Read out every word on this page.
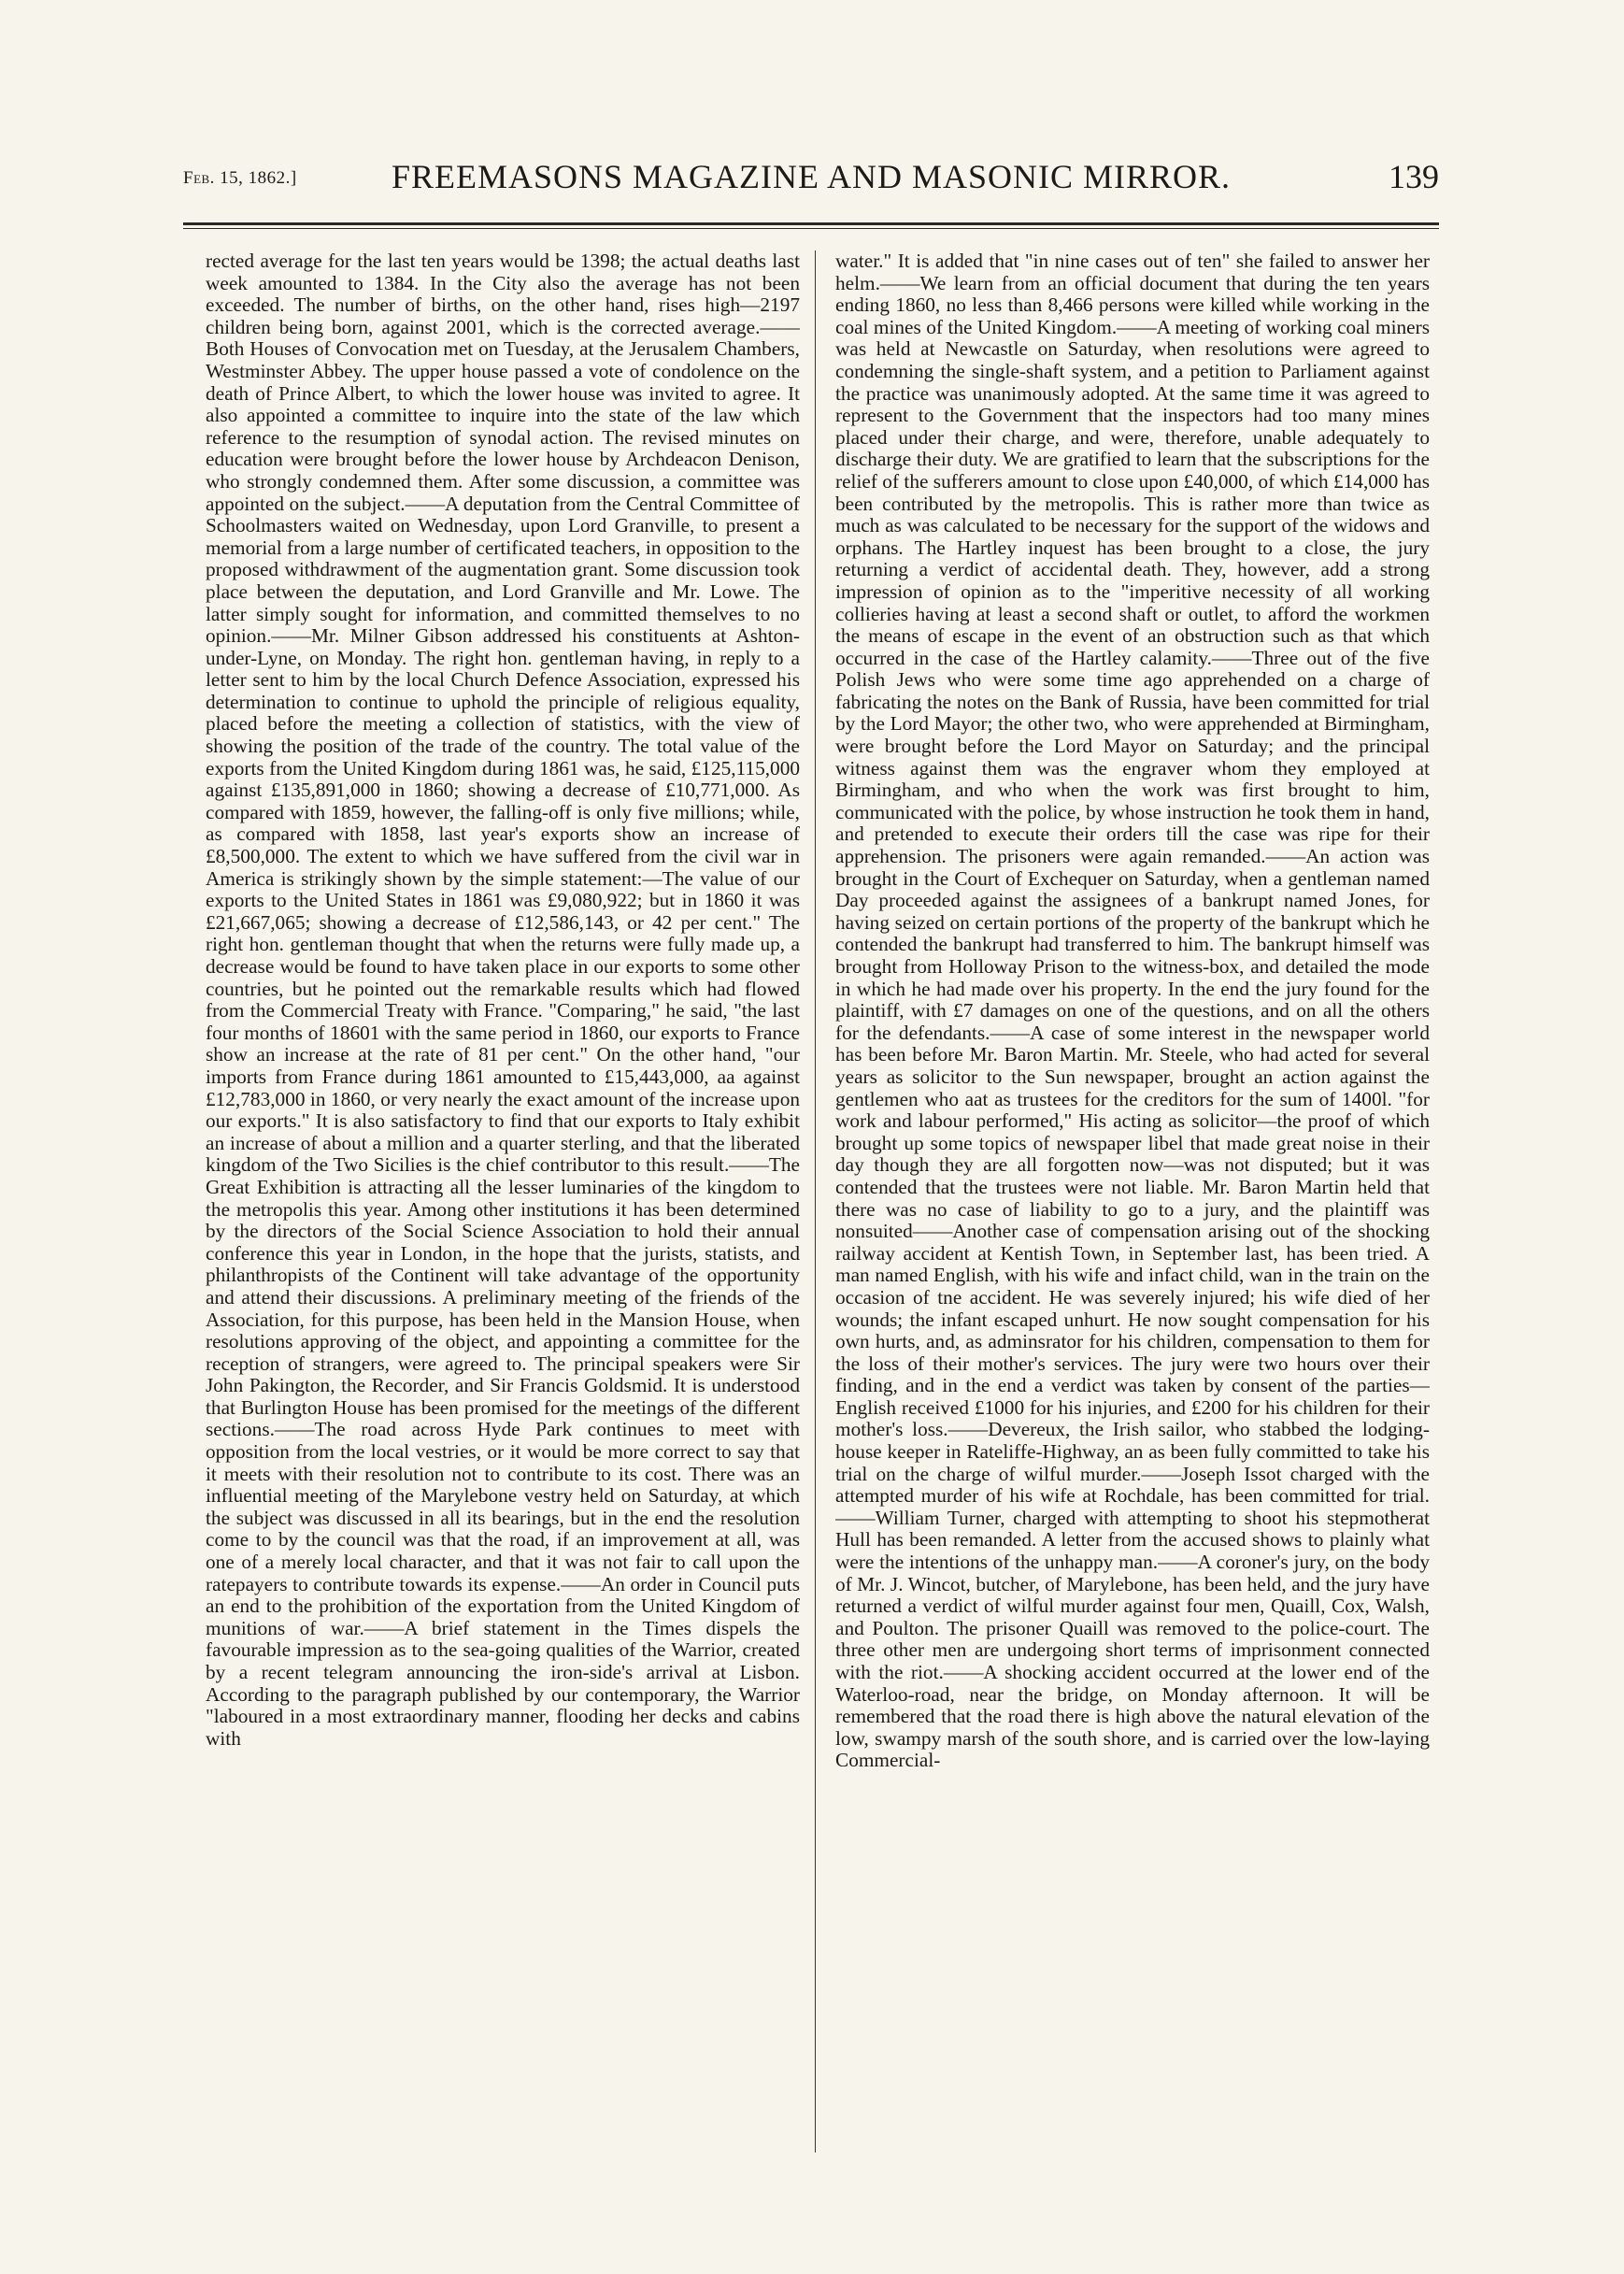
Feb. 15, 1862.]	FREEMASONS MAGAZINE AND MASONIC MIRROR.	139

rected average for the last ten years would be 1398; the actual deaths last week amounted to 1384. In the City also the average has not been exceeded. The number of births, on the other hand, rises high—2197 children being born, against 2001, which is the corrected average.——Both Houses of Convocation met on Tuesday, at the Jerusalem Chambers, Westminster Abbey. The upper house passed a vote of condolence on the death of Prince Albert, to which the lower house was invited to agree. It also appointed a committee to inquire into the state of the law which reference to the resumption of synodal action. The revised minutes on education were brought before the lower house by Archdeacon Denison, who strongly condemned them. After some discussion, a committee was appointed on the subject.——A deputation from the Central Committee of Schoolmasters waited on Wednesday, upon Lord Granville, to present a memorial from a large number of certificated teachers, in opposition to the proposed withdrawment of the augmentation grant. Some discussion took place between the deputation, and Lord Granville and Mr. Lowe. The latter simply sought for information, and committed themselves to no opinion.——Mr. Milner Gibson addressed his constituents at Ashton-under-Lyne, on Monday. The right hon. gentleman having, in reply to a letter sent to him by the local Church Defence Association, expressed his determination to continue to uphold the principle of religious equality, placed before the meeting a collection of statistics, with the view of showing the position of the trade of the country. The total value of the exports from the United Kingdom during 1861 was, he said, £125,115,000 against £135,891,000 in 1860; showing a decrease of £10,771,000. As compared with 1859, however, the falling-off is only five millions; while, as compared with 1858, last year's exports show an increase of £8,500,000. The extent to which we have suffered from the civil war in America is strikingly shown by the simple statement:—The value of our exports to the United States in 1861 was £9,080,922; but in 1860 it was £21,667,065; showing a decrease of £12,586,143, or 42 per cent." The right hon. gentleman thought that when the returns were fully made up, a decrease would be found to have taken place in our exports to some other countries, but he pointed out the remarkable results which had flowed from the Commercial Treaty with France. "Comparing," he said, "the last four months of 18601 with the same period in 1860, our exports to France show an increase at the rate of 81 per cent." On the other hand, "our imports from France during 1861 amounted to £15,443,000, aa against £12,783,000 in 1860, or very nearly the exact amount of the increase upon our exports." It is also satisfactory to find that our exports to Italy exhibit an increase of about a million and a quarter sterling, and that the liberated kingdom of the Two Sicilies is the chief contributor to this result.——The Great Exhibition is attracting all the lesser luminaries of the kingdom to the metropolis this year. Among other institutions it has been determined by the directors of the Social Science Association to hold their annual conference this year in London, in the hope that the jurists, statists, and philanthropists of the Continent will take advantage of the opportunity and attend their discussions. A preliminary meeting of the friends of the Association, for this purpose, has been held in the Mansion House, when resolutions approving of the object, and appointing a committee for the reception of strangers, were agreed to. The principal speakers were Sir John Pakington, the Recorder, and Sir Francis Goldsmid. It is understood that Burlington House has been promised for the meetings of the different sections.——The road across Hyde Park continues to meet with opposition from the local vestries, or it would be more correct to say that it meets with their resolution not to contribute to its cost. There was an influential meeting of the Marylebone vestry held on Saturday, at which the subject was discussed in all its bearings, but in the end the resolution come to by the council was that the road, if an improvement at all, was one of a merely local character, and that it was not fair to call upon the ratepayers to contribute towards its expense.——An order in Council puts an end to the prohibition of the exportation from the United Kingdom of munitions of war.——A brief statement in the Times dispels the favourable impression as to the sea-going qualities of the Warrior, created by a recent telegram announcing the iron-side's arrival at Lisbon. According to the paragraph published by our contemporary, the Warrior "laboured in a most extraordinary manner, flooding her decks and cabins with

water." It is added that "in nine cases out of ten" she failed to answer her helm.——We learn from an official document that during the ten years ending 1860, no less than 8,466 persons were killed while working in the coal mines of the United Kingdom.——A meeting of working coal miners was held at Newcastle on Saturday, when resolutions were agreed to condemning the single-shaft system, and a petition to Parliament against the practice was unanimously adopted. At the same time it was agreed to represent to the Government that the inspectors had too many mines placed under their charge, and were, therefore, unable adequately to discharge their duty. We are gratified to learn that the subscriptions for the relief of the sufferers amount to close upon £40,000, of which £14,000 has been contributed by the metropolis. This is rather more than twice as much as was calculated to be necessary for the support of the widows and orphans. The Hartley inquest has been brought to a close, the jury returning a verdict of accidental death. They, however, add a strong impression of opinion as to the "imperitive necessity of all working collieries having at least a second shaft or outlet, to afford the workmen the means of escape in the event of an obstruction such as that which occurred in the case of the Hartley calamity.——Three out of the five Polish Jews who were some time ago apprehended on a charge of fabricating the notes on the Bank of Russia, have been committed for trial by the Lord Mayor; the other two, who were apprehended at Birmingham, were brought before the Lord Mayor on Saturday; and the principal witness against them was the engraver whom they employed at Birmingham, and who when the work was first brought to him, communicated with the police, by whose instruction he took them in hand, and pretended to execute their orders till the case was ripe for their apprehension. The prisoners were again remanded.——An action was brought in the Court of Exchequer on Saturday, when a gentleman named Day proceeded against the assignees of a bankrupt named Jones, for having seized on certain portions of the property of the bankrupt which he contended the bankrupt had transferred to him. The bankrupt himself was brought from Holloway Prison to the witness-box, and detailed the mode in which he had made over his property. In the end the jury found for the plaintiff, with £7 damages on one of the questions, and on all the others for the defendants.——A case of some interest in the newspaper world has been before Mr. Baron Martin. Mr. Steele, who had acted for several years as solicitor to the Sun newspaper, brought an action against the gentlemen who aat as trustees for the creditors for the sum of 1400l. "for work and labour performed," His acting as solicitor—the proof of which brought up some topics of newspaper libel that made great noise in their day though they are all forgotten now—was not disputed; but it was contended that the trustees were not liable. Mr. Baron Martin held that there was no case of liability to go to a jury, and the plaintiff was nonsuited——Another case of compensation arising out of the shocking railway accident at Kentish Town, in September last, has been tried. A man named English, with his wife and infact child, wan in the train on the occasion of tne accident. He was severely injured; his wife died of her wounds; the infant escaped unhurt. He now sought compensation for his own hurts, and, as adminsrator for his children, compensation to them for the loss of their mother's services. The jury were two hours over their finding, and in the end a verdict was taken by consent of the parties—English received £1000 for his injuries, and £200 for his children for their mother's loss.——Devereux, the Irish sailor, who stabbed the lodging-house keeper in Rateliffe-Highway, an as been fully committed to take his trial on the charge of wilful murder.——Joseph Issot charged with the attempted murder of his wife at Rochdale, has been committed for trial.——William Turner, charged with attempting to shoot his stepmotherat Hull has been remanded. A letter from the accused shows to plainly what were the intentions of the unhappy man.——A coroner's jury, on the body of Mr. J. Wincot, butcher, of Marylebone, has been held, and the jury have returned a verdict of wilful murder against four men, Quaill, Cox, Walsh, and Poulton. The prisoner Quaill was removed to the police-court. The three other men are undergoing short terms of imprisonment connected with the riot.——A shocking accident occurred at the lower end of the Waterloo-road, near the bridge, on Monday afternoon. It will be remembered that the road there is high above the natural elevation of the low, swampy marsh of the south shore, and is carried over the low-laying Commercial-
